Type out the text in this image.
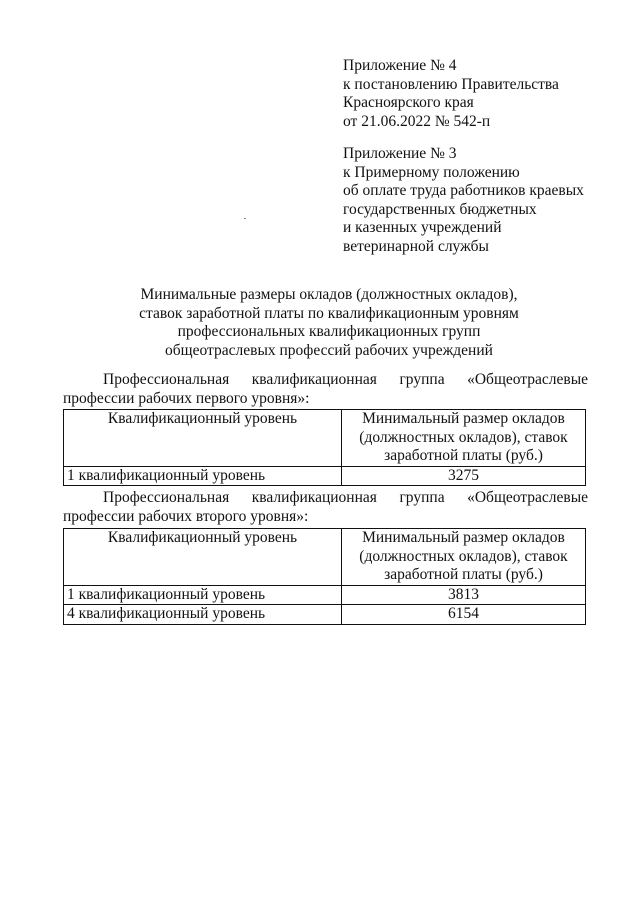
Приложение № 4
к постановлению Правительства
Красноярского края
от 21.06.2022 № 542-п
Приложение № 3
к Примерному положению
об оплате труда работников краевых
государственных бюджетных
и казенных учреждений
ветеринарной службы
Минимальные размеры окладов (должностных окладов),
ставок заработной платы по квалификационным уровням
профессиональных квалификационных групп
общеотраслевых профессий рабочих учреждений
Профессиональная квалификационная группа «Общеотраслевые
профессии рабочих первого уровня»:
Квалификационный уровень	Минимальный размер окладов (должностных окладов), ставок заработной платы (руб.)
1 квалификационный уровень	3275
Профессиональная квалификационная группа «Общеотраслевые
профессии рабочих второго уровня»:
Квалификационный уровень	Минимальный размер окладов (должностных окладов), ставок заработной платы (руб.)
1 квалификационный уровень	3813
4 квалификационный уровень	6154
